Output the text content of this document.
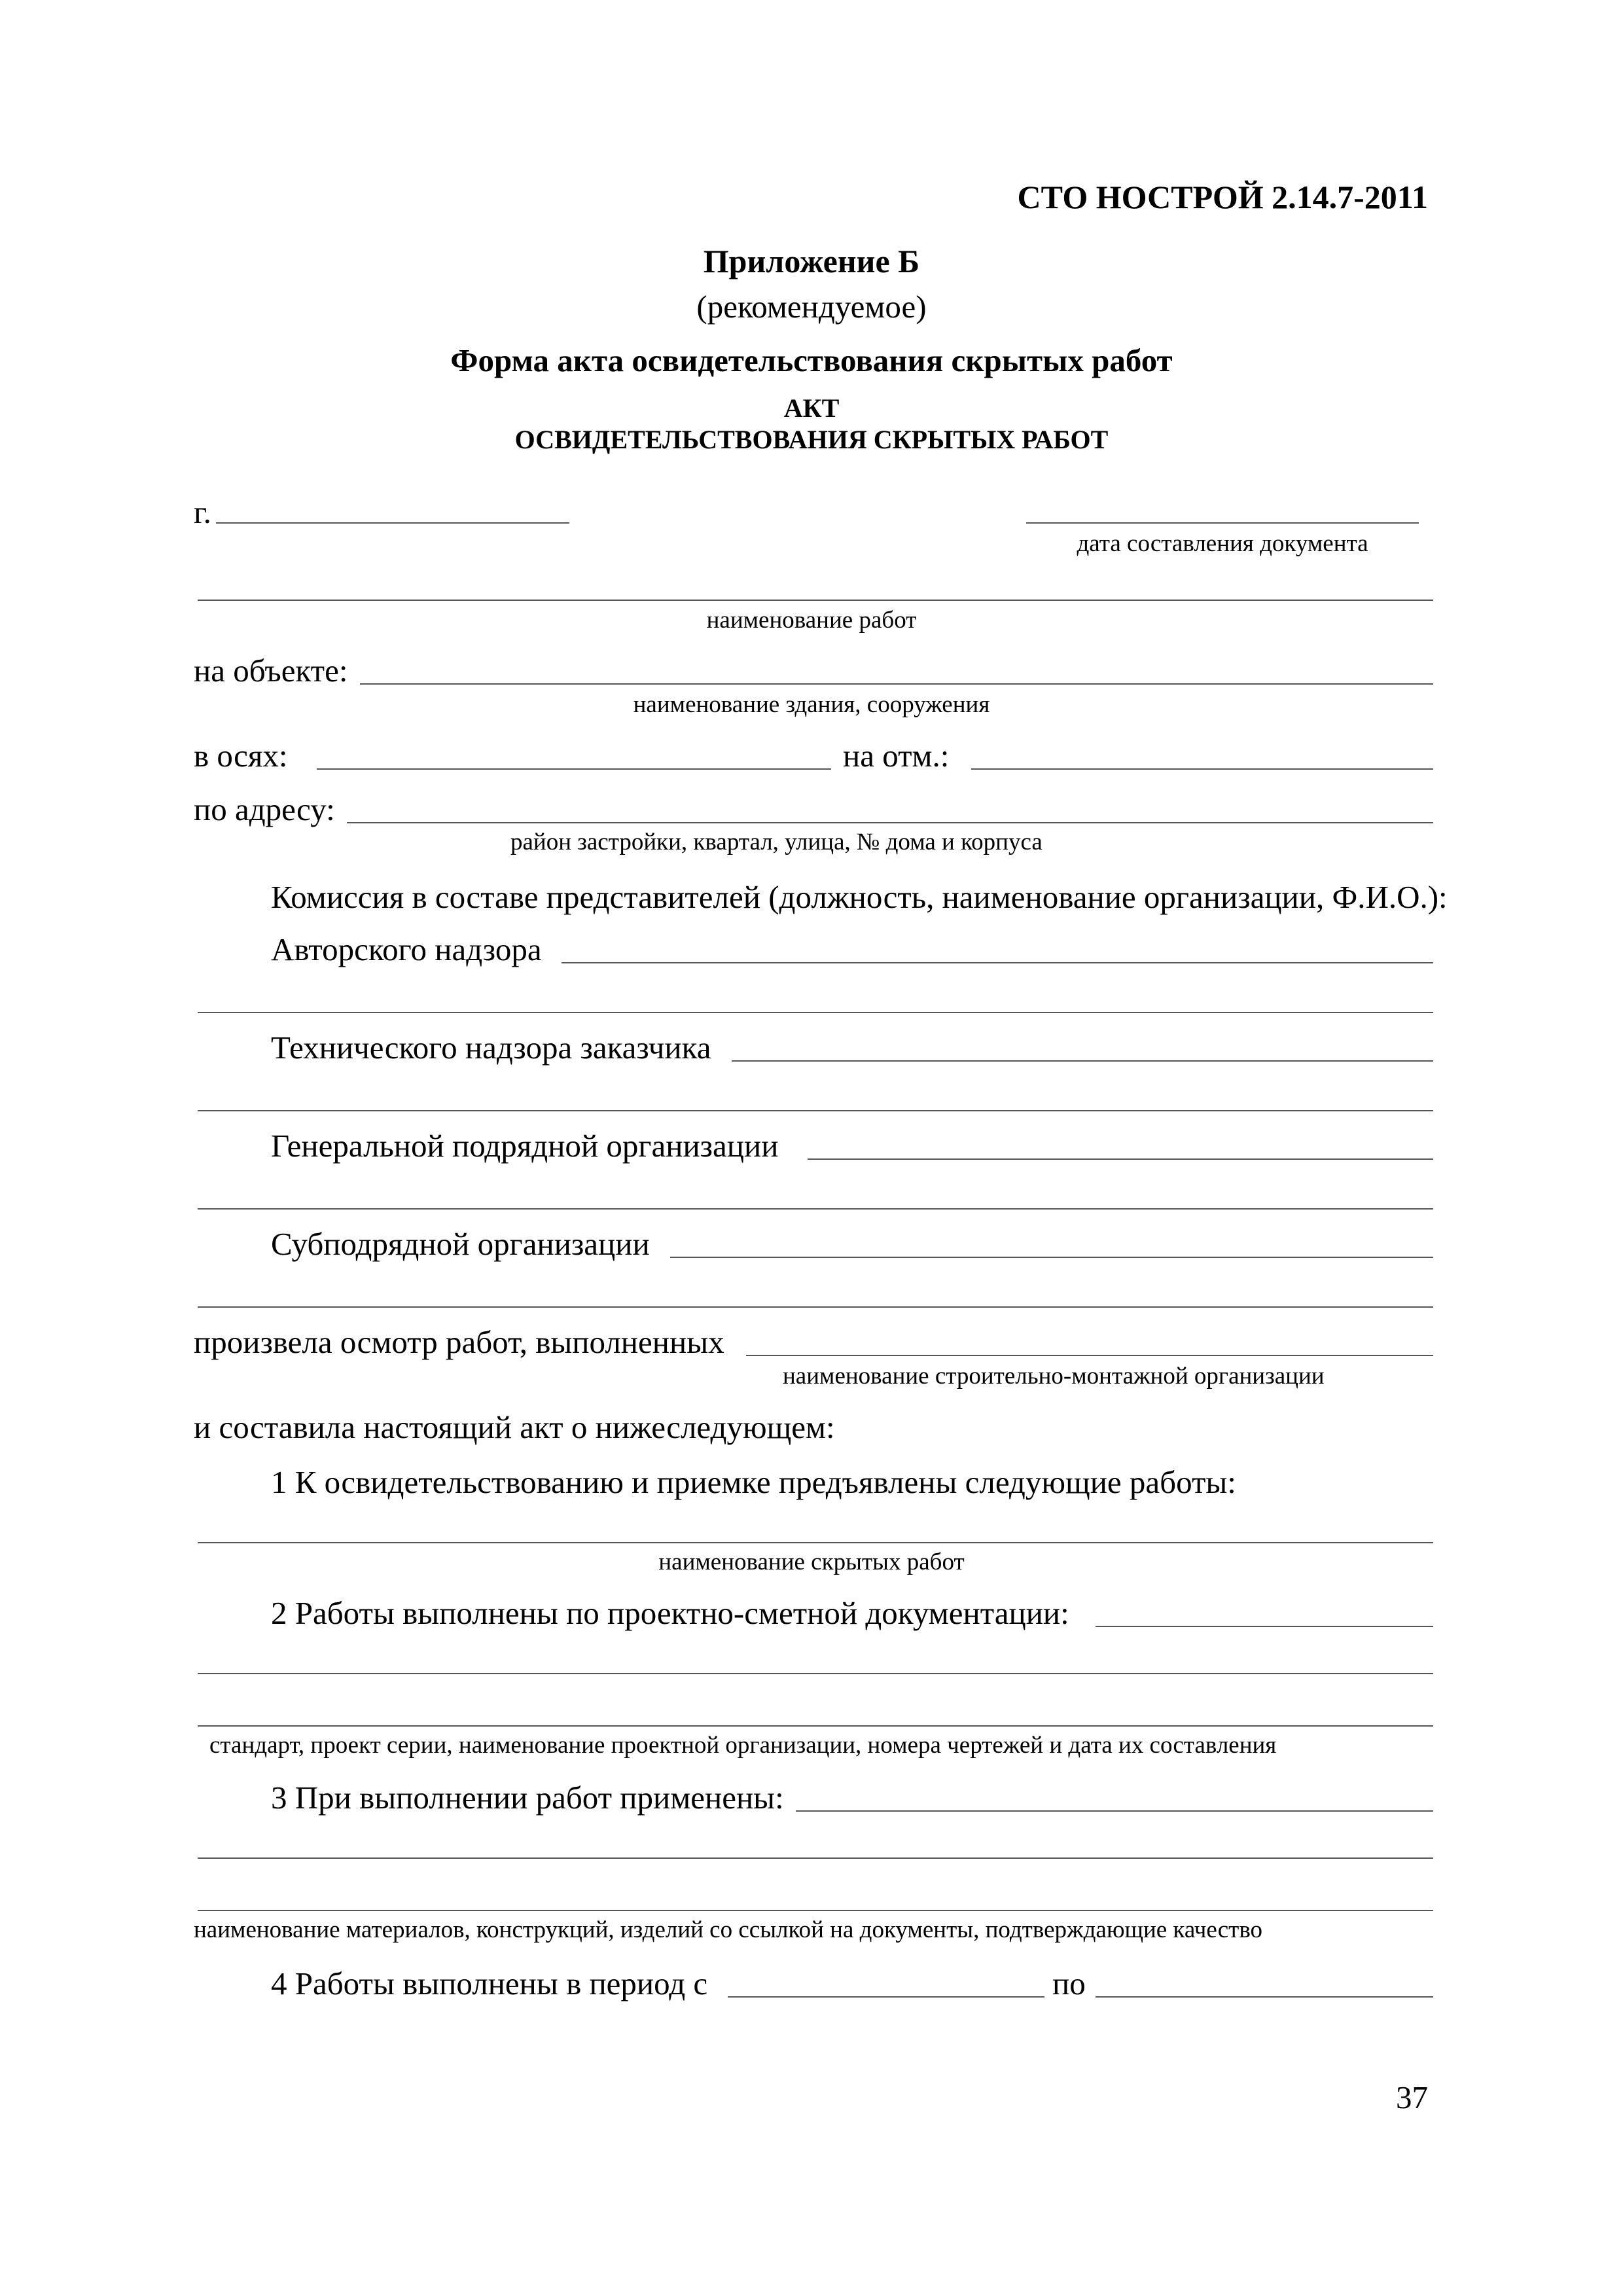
СТО НОСТРОЙ 2.14.7-2011
Приложение Б
(рекомендуемое)
Форма акта освидетельствования скрытых работ
АКТ
ОСВИДЕТЕЛЬСТВОВАНИЯ СКРЫТЫХ РАБОТ
г.
дата составления документа
наименование работ
на объекте:
наименование здания, сооружения
в осях:	на отм.:
по адресу:
район застройки, квартал, улица, № дома и корпуса
Комиссия в составе представителей (должность, наименование организации, Ф.И.О.):
Авторского надзора
Технического надзора заказчика
Генеральной подрядной организации
Субподрядной организации
произвела осмотр работ, выполненных
наименование строительно-монтажной организации
и составила настоящий акт о нижеследующем:
1 К освидетельствованию и приемке предъявлены следующие работы:
наименование скрытых работ
2 Работы выполнены по проектно-сметной документации:
стандарт, проект серии, наименование проектной организации, номера чертежей и дата их составления
3 При выполнении работ применены:
наименование материалов, конструкций, изделий со ссылкой на документы, подтверждающие качество
4 Работы выполнены в период с	по
37
